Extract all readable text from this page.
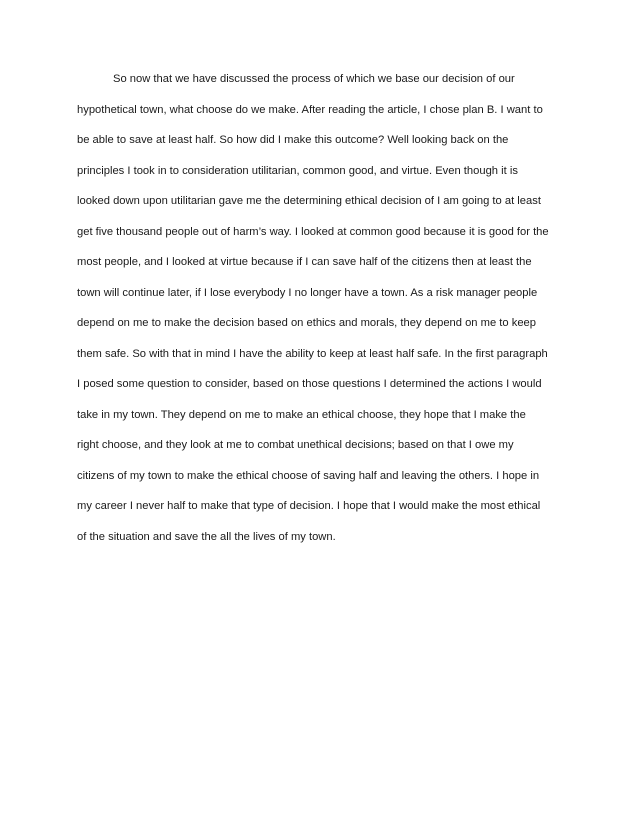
So now that we have discussed the process of which we base our decision of our
hypothetical town, what choose do we make. After reading the article, I chose plan B. I want to
be able to save at least half. So how did I make this outcome? Well looking back on the
principles I took in to consideration utilitarian, common good, and virtue. Even though it is
looked down upon utilitarian gave me the determining ethical decision of I am going to at least
get five thousand people out of harm’s way. I looked at common good because it is good for the
most people, and I looked at virtue because if I can save half of the citizens then at least the
town will continue later, if I lose everybody I no longer have a town. As a risk manager people
depend on me to make the decision based on ethics and morals, they depend on me to keep
them safe. So with that in mind I have the ability to keep at least half safe. In the first paragraph
I posed some question to consider, based on those questions I determined the actions I would
take in my town. They depend on me to make an ethical choose, they hope that I make the
right choose, and they look at me to combat unethical decisions; based on that I owe my
citizens of my town to make the ethical choose of saving half and leaving the others. I hope in
my career I never half to make that type of decision. I hope that I would make the most ethical
of the situation and save the all the lives of my town.
